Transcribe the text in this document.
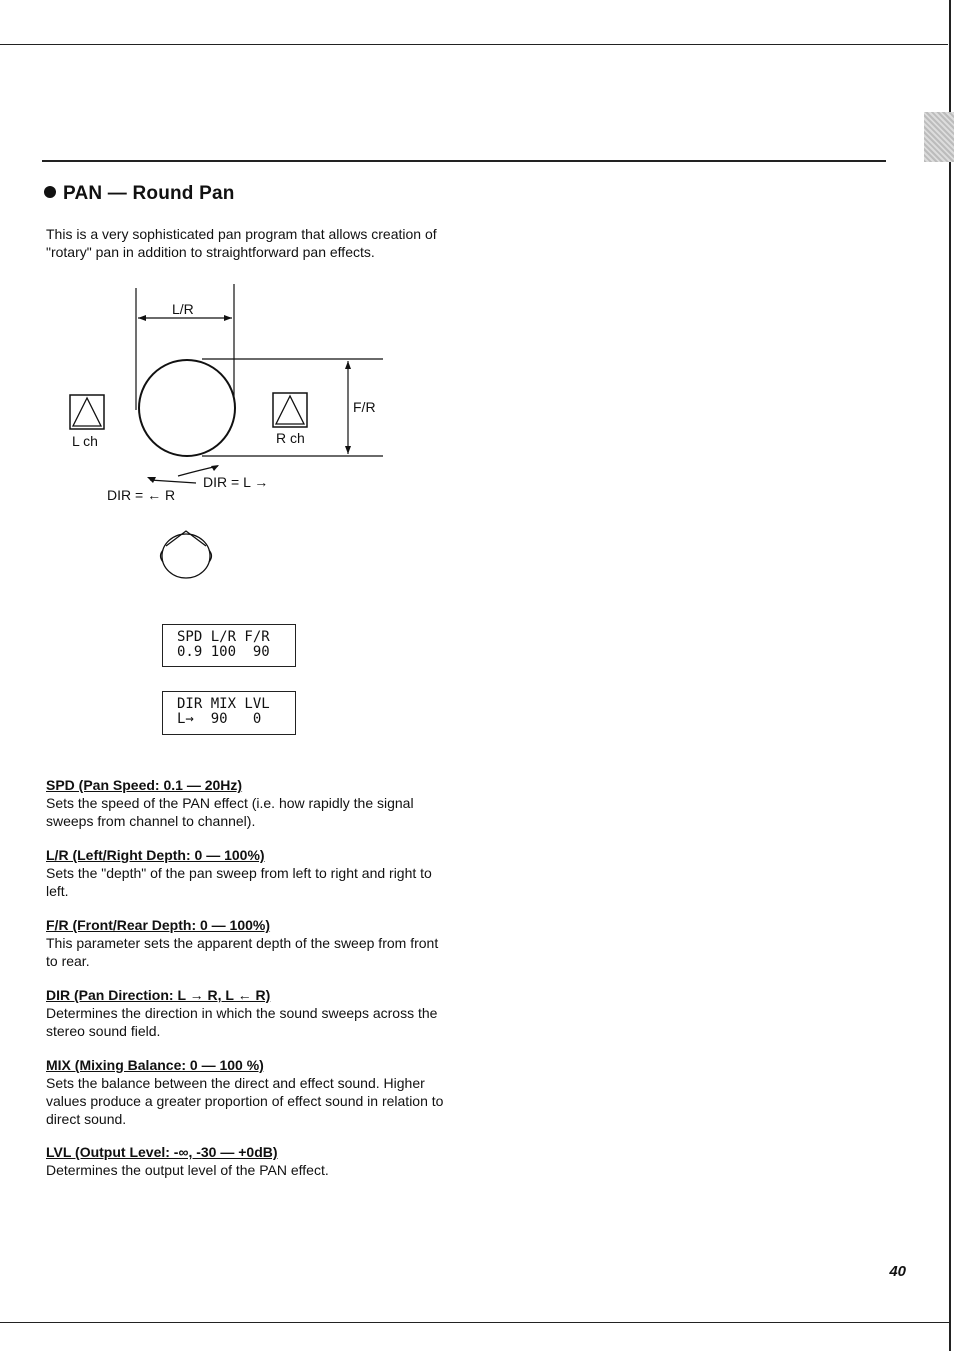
PAN — Round Pan
This is a very sophisticated pan program that allows creation of "rotary" pan in addition to straightforward pan effects.
L/R
F/R
L ch	R ch
DIR = L →
DIR = ← R
SPD L/R F/R
0.9 100  90
DIR MIX LVL
L→  90   0
SPD (Pan Speed: 0.1 — 20Hz)
Sets the speed of the PAN effect (i.e. how rapidly the signal sweeps from channel to channel).
L/R (Left/Right Depth: 0 — 100%)
Sets the "depth" of the pan sweep from left to right and right to left.
F/R (Front/Rear Depth: 0 — 100%)
This parameter sets the apparent depth of the sweep from front to rear.
DIR (Pan Direction: L → R, L ← R)
Determines the direction in which the sound sweeps across the stereo sound field.
MIX (Mixing Balance: 0 — 100 %)
Sets the balance between the direct and effect sound. Higher values produce a greater proportion of effect sound in relation to direct sound.
LVL (Output Level: -∞, -30 — +0dB)
Determines the output level of the PAN effect.
40
